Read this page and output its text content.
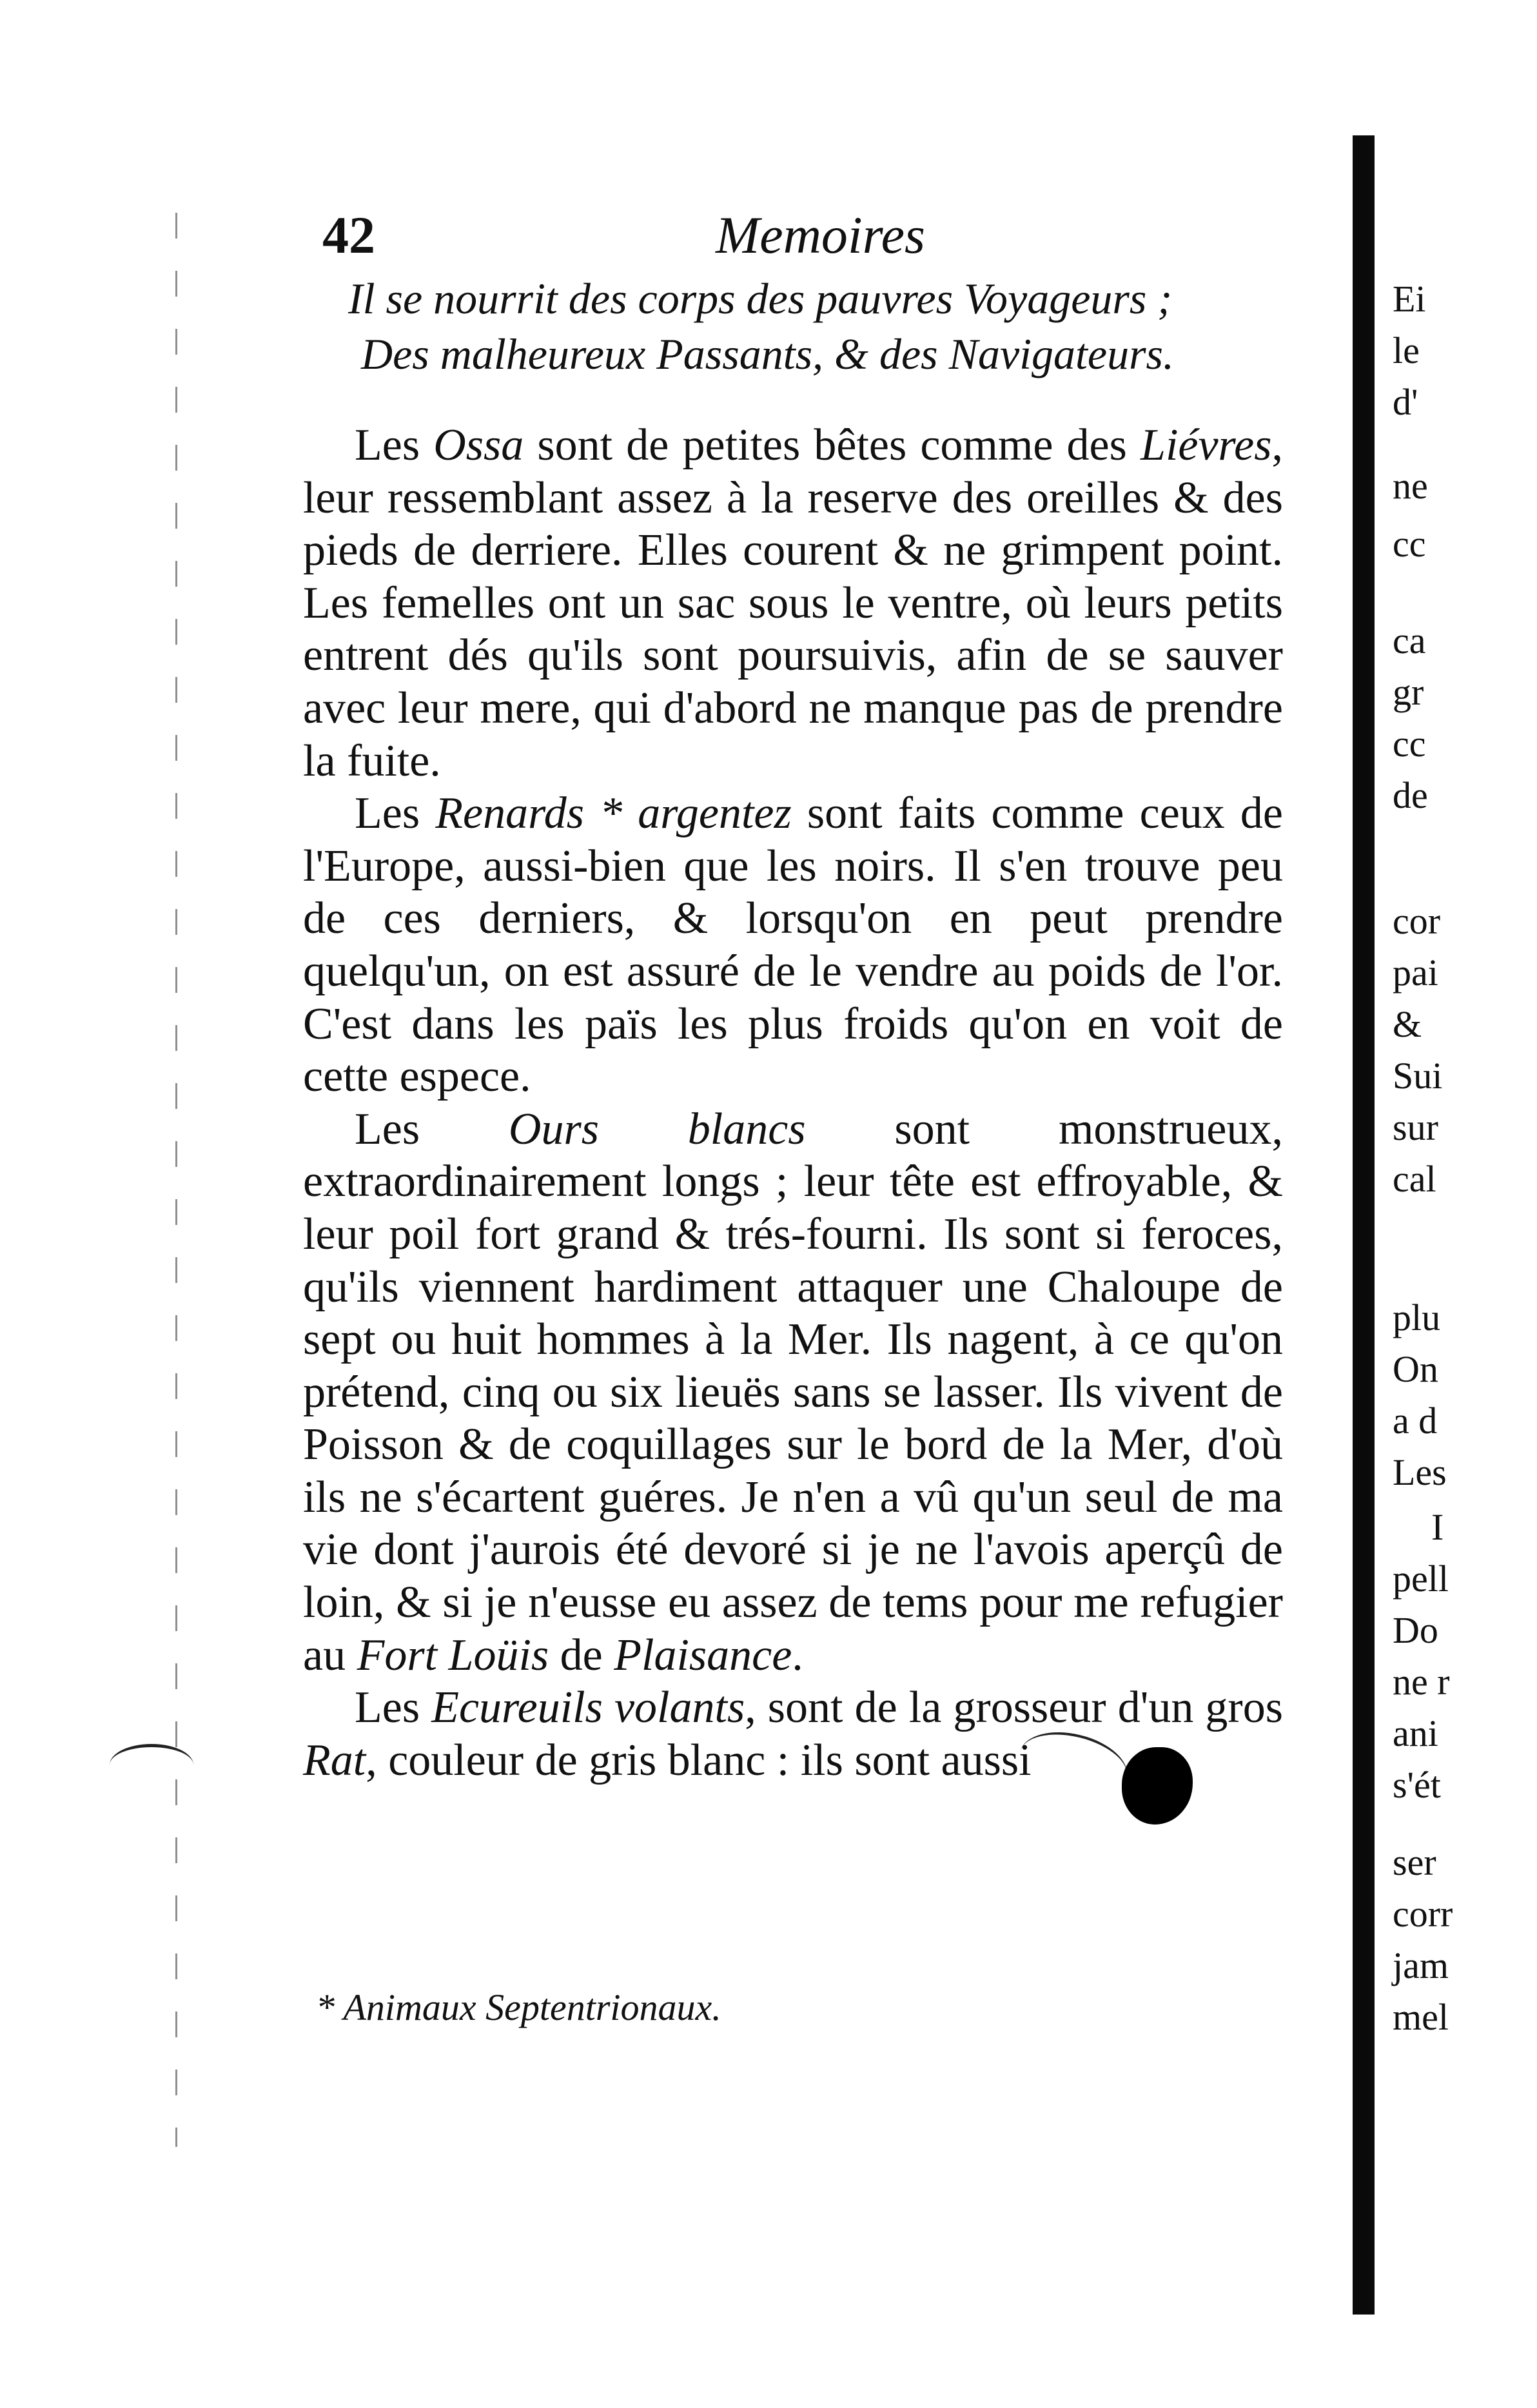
42	Memoires
Il se nourrit des corps des pauvres Voyageurs ;
Des malheureux Passants, & des Navigateurs.

Les Ossa sont de petites bêtes comme des Liévres, leur ressemblant assez à la reserve des oreilles & des pieds de derriere. Elles courent & ne grimpent point. Les femelles ont un sac sous le ventre, où leurs petits entrent dés qu'ils sont poursuivis, afin de se sauver avec leur mere, qui d'abord ne manque pas de prendre la fuite.

Les Renards * argentez sont faits comme ceux de l'Europe, aussi-bien que les noirs. Il s'en trouve peu de ces derniers, & lorsqu'on en peut prendre quelqu'un, on est assuré de le vendre au poids de l'or. C'est dans les païs les plus froids qu'on en voit de cette espece.

Les Ours blancs sont monstrueux, extraordinairement longs ; leur tête est effroyable, & leur poil fort grand & trés-fourni. Ils sont si feroces, qu'ils viennent hardiment attaquer une Chaloupe de sept ou huit hommes à la Mer. Ils nagent, à ce qu'on prétend, cinq ou six lieuës sans se lasser. Ils vivent de Poisson & de coquillages sur le bord de la Mer, d'où ils ne s'écartent guéres. Je n'en a vû qu'un seul de ma vie dont j'aurois été devoré si je ne l'avois aperçû de loin, & si je n'eusse eu assez de tems pour me refugier au Fort Loüis de Plaisance.

Les Ecureuils volants, sont de la grosseur d'un gros Rat, couleur de gris blanc : ils sont aussi

* Animaux Septentrionaux.
Ei
le
d'
ne
cc
ca
gr
cc
de
cor
pai
&
Sui
sur
cal
plu
On
a d
Les
I
pell
Do
ne r
ani
s'ét
ser
corr
jam
mel
